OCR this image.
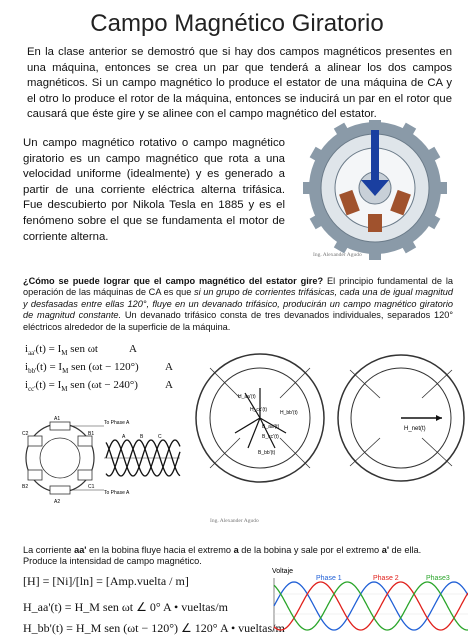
Campo Magnético Giratorio
En la clase anterior se demostró que si hay dos campos magnéticos presentes en una máquina, entonces se crea un par que tenderá a alinear los dos campos magnéticos. Si un campo magnético lo produce el estator de una máquina de CA y el otro lo produce el rotor de la máquina, entonces se inducirá un par en el rotor que causará que éste gire y se alinee con el campo magnético del estator.
Un campo magnético rotativo o campo magnético giratorio es un campo magnético que rota a una velocidad uniforme (idealmente) y es generado a partir de una corriente eléctrica alterna trifásica. Fue descubierto por Nikola Tesla en 1885 y es el fenómeno sobre el que se fundamenta el motor de corriente alterna.
Ing. Alexander Agudo
¿Cómo se puede lograr que el campo magnético del estator gire? El principio fundamental de la operación de las máquinas de CA es que si un grupo de corrientes trifásicas, cada una de igual magnitud y desfasadas entre ellas 120°, fluye en un devanado trifásico, producirán un campo magnético giratorio de magnitud constante. Un devanado trifásico consta de tres devanados individuales, separados 120° eléctricos alrededor de la superficie de la máquina.
$i_{aa'}(t) = I_M$ sen ωt	A
$i_{bb'}(t) = I_M$ sen (ωt − 120°) A
$i_{cc'}(t) = I_M$ sen (ωt − 240°) A
A1
A2
C2	B1
B2	C1
To Phase A
To Phase A
A	B	C
H_aa'(t)
H_cc'(t)	H_bb'(t)
B_aa'(t)
B_cc'(t)
B_bb'(t)
H_net(t)
Ing. Alexander Agudo
La corriente aa' en la bobina fluye hacia el extremo a de la bobina y sale por el extremo a' de ella. Produce la intensidad de campo magnético.
[H] = [Ni]/[ln] = [Amp.vuelta / m]
H_aa'(t) = H_M sen ωt ∠ 0° A • vueltas/m
H_bb'(t) = H_M sen (ωt − 120°) ∠ 120° A • vueltas/m
Voltaje
Phase 1	Phase 2	Phase3
